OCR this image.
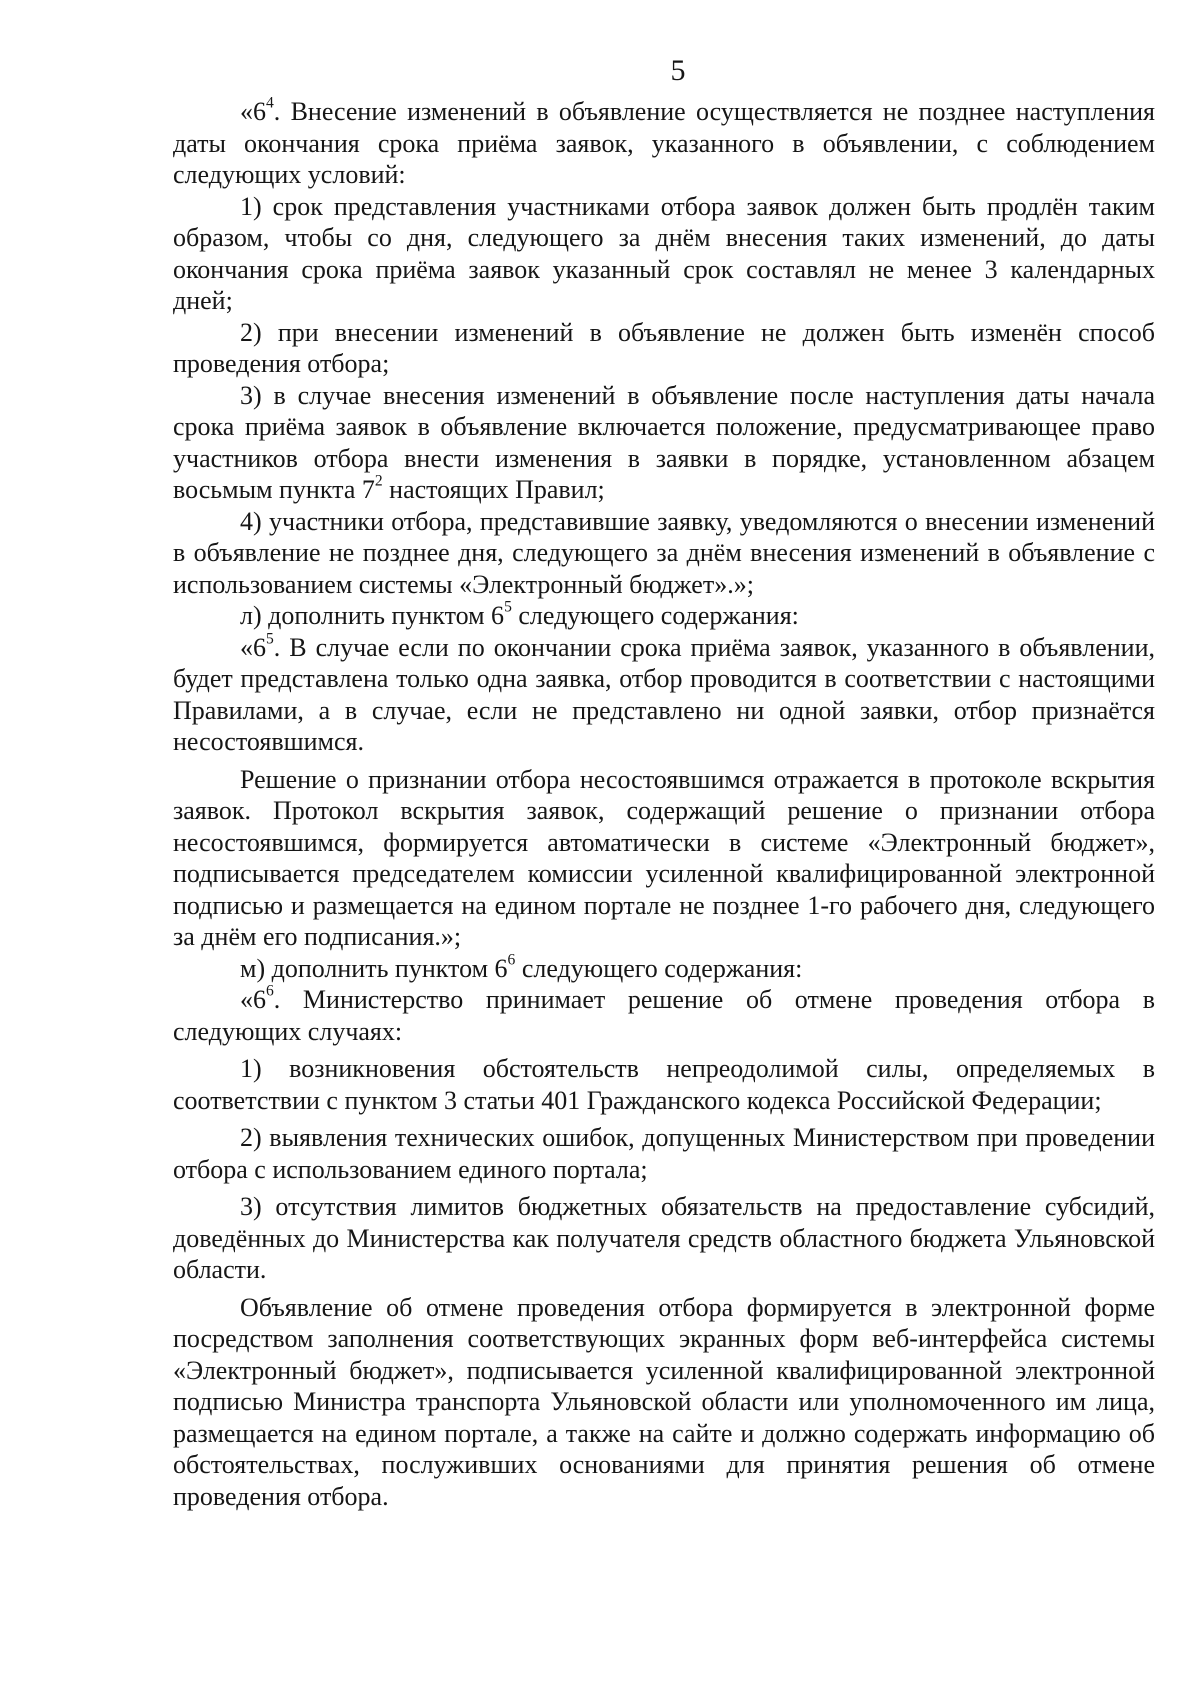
5

«$6^4$. Внесение изменений в объявление осуществляется не позднее наступления даты окончания срока приёма заявок, указанного в объявлении, с соблюдением следующих условий:

1) срок представления участниками отбора заявок должен быть продлён таким образом, чтобы со дня, следующего за днём внесения таких изменений, до даты окончания срока приёма заявок указанный срок составлял не менее 3 календарных дней;

2) при внесении изменений в объявление не должен быть изменён способ проведения отбора;

3) в случае внесения изменений в объявление после наступления даты начала срока приёма заявок в объявление включается положение, предусматривающее право участников отбора внести изменения в заявки в порядке, установленном абзацем восьмым пункта $7^2$ настоящих Правил;

4) участники отбора, представившие заявку, уведомляются о внесении изменений в объявление не позднее дня, следующего за днём внесения изменений в объявление с использованием системы «Электронный бюджет».»;

л) дополнить пунктом $6^5$ следующего содержания:

«$6^5$. В случае если по окончании срока приёма заявок, указанного в объявлении, будет представлена только одна заявка, отбор проводится в соответствии с настоящими Правилами, а в случае, если не представлено ни одной заявки, отбор признаётся несостоявшимся.

Решение о признании отбора несостоявшимся отражается в протоколе вскрытия заявок. Протокол вскрытия заявок, содержащий решение о признании отбора несостоявшимся, формируется автоматически в системе «Электронный бюджет», подписывается председателем комиссии усиленной квалифицированной электронной подписью и размещается на едином портале не позднее 1-го рабочего дня, следующего за днём его подписания.»;

м) дополнить пунктом $6^6$ следующего содержания:

«$6^6$. Министерство принимает решение об отмене проведения отбора в следующих случаях:

1) возникновения обстоятельств непреодолимой силы, определяемых в соответствии с пунктом 3 статьи 401 Гражданского кодекса Российской Федерации;

2) выявления технических ошибок, допущенных Министерством при проведении отбора с использованием единого портала;

3) отсутствия лимитов бюджетных обязательств на предоставление субсидий, доведённых до Министерства как получателя средств областного бюджета Ульяновской области.

Объявление об отмене проведения отбора формируется в электронной форме посредством заполнения соответствующих экранных форм веб-интерфейса системы «Электронный бюджет», подписывается усиленной квалифицированной электронной подписью Министра транспорта Ульяновской области или уполномоченного им лица, размещается на едином портале, а также на сайте и должно содержать информацию об обстоятельствах, послуживших основаниями для принятия решения об отмене проведения отбора.
